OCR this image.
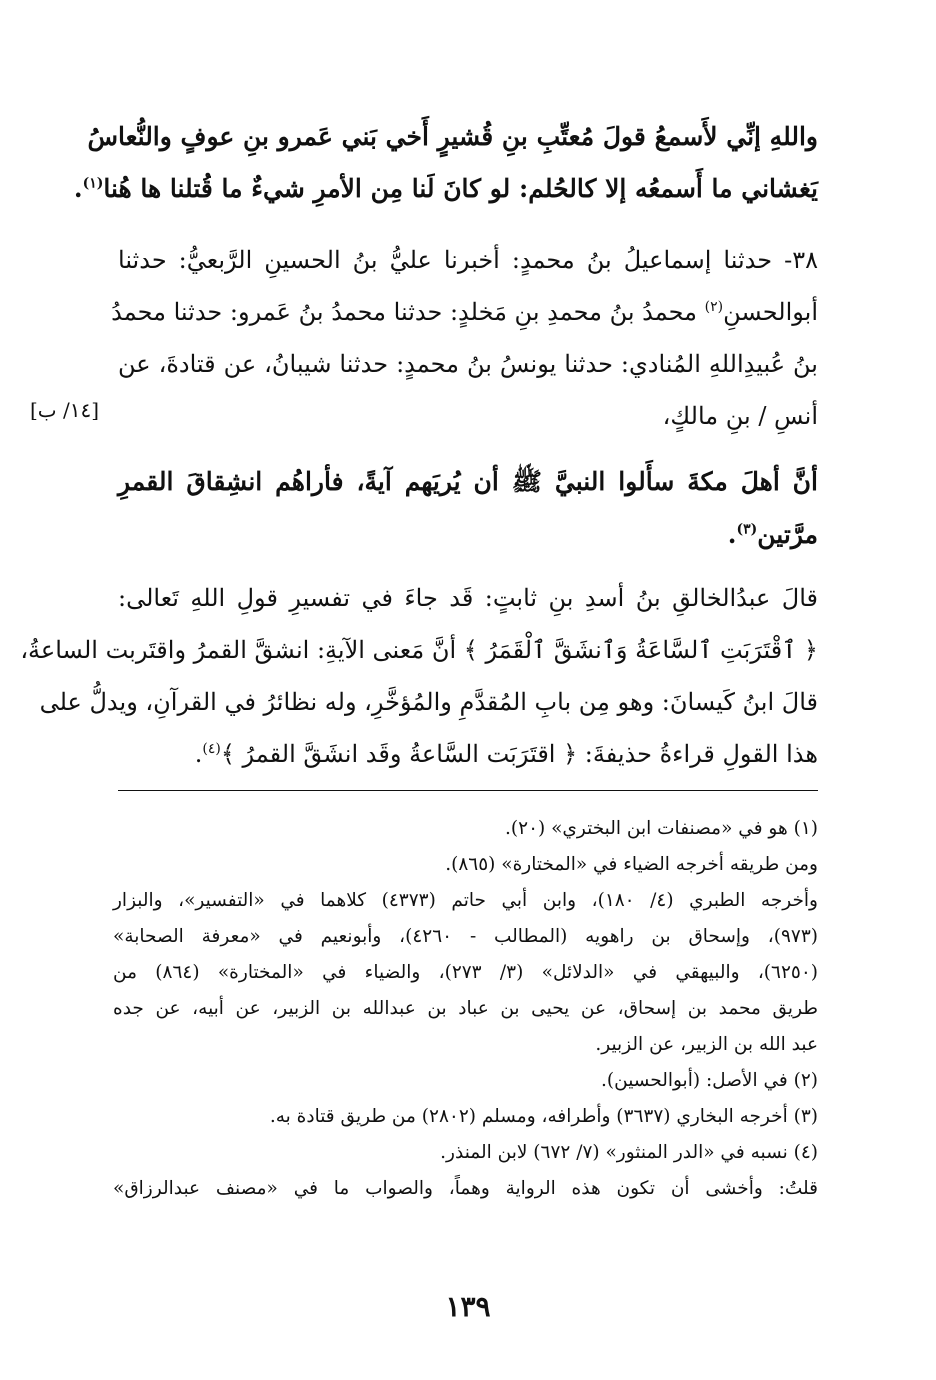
واللهِ إنِّي لأَسمعُ قولَ مُعتِّبِ بنِ قُشيرٍ أَخي بَني عَمرو بنِ عوفٍ والنُّعاسُ
يَغشاني ما أَسمعُه إلا كالحُلم: لو كانَ لَنا مِن الأمرِ شيءٌ ما قُتلنا ها هُنا$^{(١)}$.
٣٨- حدثنا إسماعيلُ بنُ محمدٍ: أخبرنا عليُّ بنُ الحسينِ الرَّبعيُّ: حدثنا
أبوالحسنِ$^{(٢)}$ محمدُ بنُ محمدِ بنِ مَخلدٍ: حدثنا محمدُ بنُ عَمرو: حدثنا محمدُ
بنُ عُبيدِاللهِ المُنادي: حدثنا يونسُ بنُ محمدٍ: حدثنا شيبانُ، عن قتادةَ، عن
أنسِ / بنِ مالكٍ،
أنَّ أهلَ مكةَ سأَلوا النبيَّ ﷺ أن يُريَهم آيةً، فأراهُم انشِقاقَ القمرِ
مرَّتين$^{(٣)}$.
قالَ عبدُالخالقِ بنُ أسدِ بنِ ثابتٍ: قَد جاءَ في تفسيرِ قولِ اللهِ تَعالى:
﴿ ٱقْتَرَبَتِ ٱلسَّاعَةُ وَٱنشَقَّ ٱلْقَمَرُ ﴾ أنَّ مَعنى الآيةِ: انشقَّ القمرُ واقتَربت الساعةُ،
قالَ ابنُ كَيسانَ: وهو مِن بابِ المُقدَّمِ والمُؤخَّرِ، وله نظائرُ في القرآنِ، ويدلُّ على
هذا القولِ قراءةُ حذيفةَ: ﴿ اقتَرَبَت السَّاعةُ وقَد انشَقَّ القمرُ ﴾$^{(٤)}$.
[١٤/ ب]
(١) هو في «مصنفات ابن البختري» (٢٠).
ومن طريقه أخرجه الضياء في «المختارة» (٨٦٥).
وأخرجه الطبري (٤/ ١٨٠)، وابن أبي حاتم (٤٣٧٣) كلاهما في «التفسير»، والبزار
(٩٧٣)، وإسحاق بن راهويه (المطالب - ٤٢٦٠)، وأبونعيم في «معرفة الصحابة»
(٦٢٥٠)، والبيهقي في «الدلائل» (٣/ ٢٧٣)، والضياء في «المختارة» (٨٦٤) من
طريق محمد بن إسحاق، عن يحيى بن عباد بن عبدالله بن الزبير، عن أبيه، عن جده
عبد الله بن الزبير، عن الزبير.
(٢) في الأصل: (أبوالحسين).
(٣) أخرجه البخاري (٣٦٣٧) وأطرافه، ومسلم (٢٨٠٢) من طريق قتادة به.
(٤) نسبه في «الدر المنثور» (٧/ ٦٧٢) لابن المنذر.
قلتُ: وأخشى أن تكون هذه الرواية وهماً، والصواب ما في «مصنف عبدالرزاق»
١٣٩
